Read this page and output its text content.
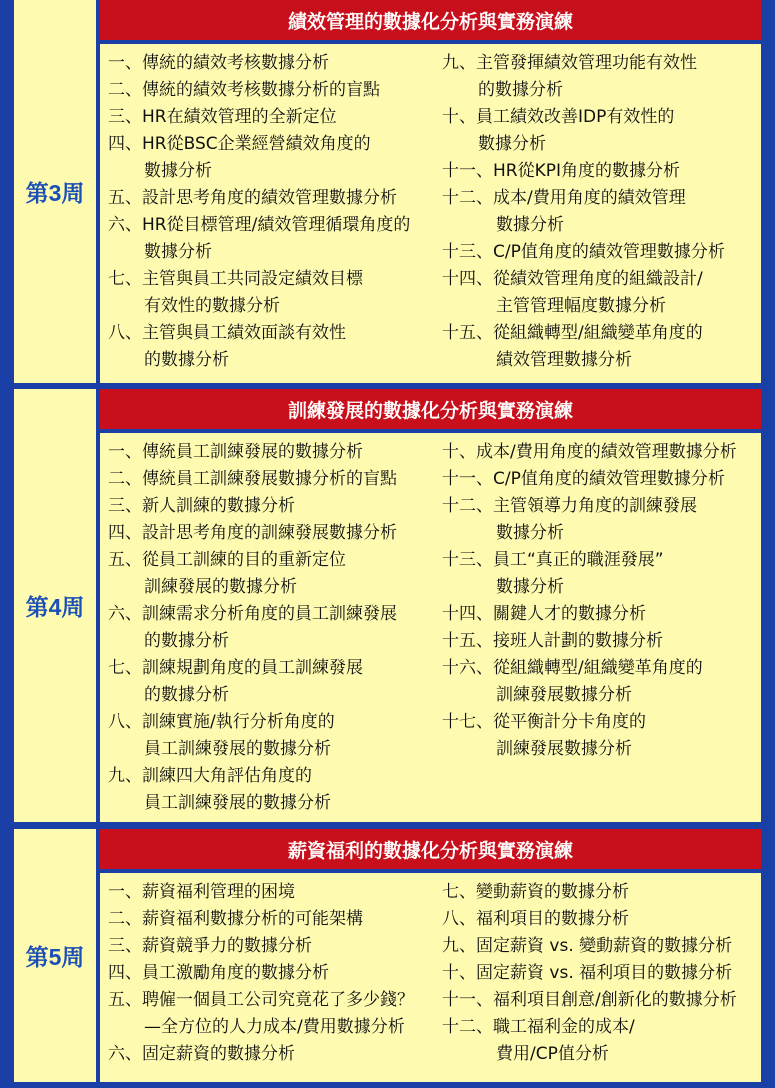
第3周
績效管理的數據化分析與實務演練
一、傳統的績效考核數據分析
二、傳統的績效考核數據分析的盲點
三、HR在績效管理的全新定位
四、HR從BSC企業經營績效角度的
數據分析
五、設計思考角度的績效管理數據分析
六、HR從目標管理/績效管理循環角度的
數據分析
七、主管與員工共同設定績效目標
有效性的數據分析
八、主管與員工績效面談有效性
的數據分析
九、主管發揮績效管理功能有效性
的數據分析
十、員工績效改善IDP有效性的
數據分析
十一、HR從KPI角度的數據分析
十二、成本/費用角度的績效管理
數據分析
十三、C/P值角度的績效管理數據分析
十四、從績效管理角度的組織設計/
主管管理幅度數據分析
十五、從組織轉型/組織變革角度的
績效管理數據分析
第4周
訓練發展的數據化分析與實務演練
一、傳統員工訓練發展的數據分析
二、傳統員工訓練發展數據分析的盲點
三、新人訓練的數據分析
四、設計思考角度的訓練發展數據分析
五、從員工訓練的目的重新定位
訓練發展的數據分析
六、訓練需求分析角度的員工訓練發展
的數據分析
七、訓練規劃角度的員工訓練發展
的數據分析
八、訓練實施/執行分析角度的
員工訓練發展的數據分析
九、訓練四大角評估角度的
員工訓練發展的數據分析
十、成本/費用角度的績效管理數據分析
十一、C/P值角度的績效管理數據分析
十二、主管領導力角度的訓練發展
數據分析
十三、員工“真正的職涯發展”
數據分析
十四、關鍵人才的數據分析
十五、接班人計劃的數據分析
十六、從組織轉型/組織變革角度的
訓練發展數據分析
十七、從平衡計分卡角度的
訓練發展數據分析
第5周
薪資福利的數據化分析與實務演練
一、薪資福利管理的困境
二、薪資福利數據分析的可能架構
三、薪資競爭力的數據分析
四、員工激勵角度的數據分析
五、聘僱一個員工公司究竟花了多少錢？
—全方位的人力成本/費用數據分析
六、固定薪資的數據分析
七、變動薪資的數據分析
八、福利項目的數據分析
九、固定薪資 vs. 變動薪資的數據分析
十、固定薪資 vs. 福利項目的數據分析
十一、福利項目創意/創新化的數據分析
十二、職工福利金的成本/
費用/CP值分析
